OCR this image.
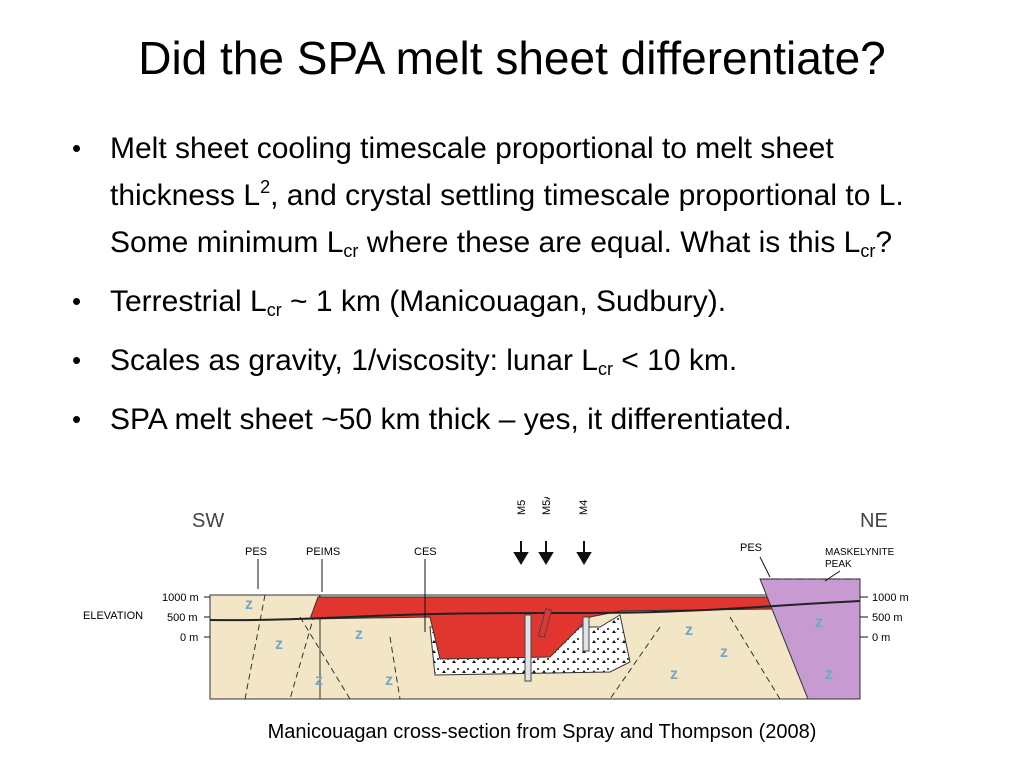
Did the SPA melt sheet differentiate?
• Melt sheet cooling timescale proportional to melt sheet thickness $L^2$, and crystal settling timescale proportional to L. Some minimum $L_{cr}$ where these are equal. What is this $L_{cr}$?
• Terrestrial $L_{cr}$ ~ 1 km (Manicouagan, Sudbury).
• Scales as gravity, 1/viscosity: lunar $L_{cr} < 10$ km.
• SPA melt sheet ~50 km thick – yes, it differentiated.
z
z
z
z	z
z
z
z
z
z
M5 M5A M4
SW	NE
PES	PEIMS	CES	PES	MASKELYNITE
PEAK
ELEVATION
1000 m
500 m
0 m
1000 m
500 m
0 m
Manicouagan cross-section from Spray and Thompson (2008)
